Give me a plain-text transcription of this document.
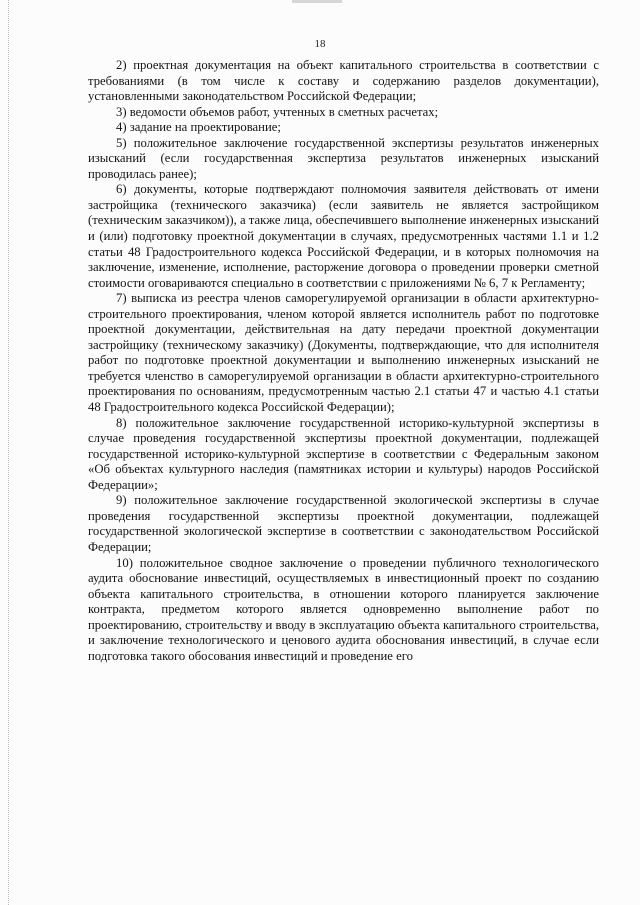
18

2) проектная документация на объект капитального строительства в соответствии с требованиями (в том числе к составу и содержанию разделов документации), установленными законодательством Российской Федерации;

3) ведомости объемов работ, учтенных в сметных расчетах;

4) задание на проектирование;

5) положительное заключение государственной экспертизы результатов инженерных изысканий (если государственная экспертиза результатов инженерных изысканий проводилась ранее);

6) документы, которые подтверждают полномочия заявителя действовать от имени застройщика (технического заказчика) (если заявитель не является застройщиком (техническим заказчиком)), а также лица, обеспечившего выполнение инженерных изысканий и (или) подготовку проектной документации в случаях, предусмотренных частями 1.1 и 1.2 статьи 48 Градостроительного кодекса Российской Федерации, и в которых полномочия на заключение, изменение, исполнение, расторжение договора о проведении проверки сметной стоимости оговариваются специально в соответствии с приложениями № 6, 7 к Регламенту;

7) выписка из реестра членов саморегулируемой организации в области архитектурно-строительного проектирования, членом которой является исполнитель работ по подготовке проектной документации, действительная на дату передачи проектной документации застройщику (техническому заказчику) (Документы, подтверждающие, что для исполнителя работ по подготовке проектной документации и выполнению инженерных изысканий не требуется членство в саморегулируемой организации в области архитектурно-строительного проектирования по основаниям, предусмотренным частью 2.1 статьи 47 и частью 4.1 статьи 48 Градостроительного кодекса Российской Федерации);

8) положительное заключение государственной историко-культурной экспертизы в случае проведения государственной экспертизы проектной документации, подлежащей государственной историко-культурной экспертизе в соответствии с Федеральным законом «Об объектах культурного наследия (памятниках истории и культуры) народов Российской Федерации»;

9) положительное заключение государственной экологической экспертизы в случае проведения государственной экспертизы проектной документации, подлежащей государственной экологической экспертизе в соответствии с законодательством Российской Федерации;

10) положительное сводное заключение о проведении публичного технологического аудита обоснование инвестиций, осуществляемых в инвестиционный проект по созданию объекта капитального строительства, в отношении которого планируется заключение контракта, предметом которого является одновременно выполнение работ по проектированию, строительству и вводу в эксплуатацию объекта капитального строительства, и заключение технологического и ценового аудита обоснования инвестиций, в случае если подготовка такого обосования инвестиций и проведение его
